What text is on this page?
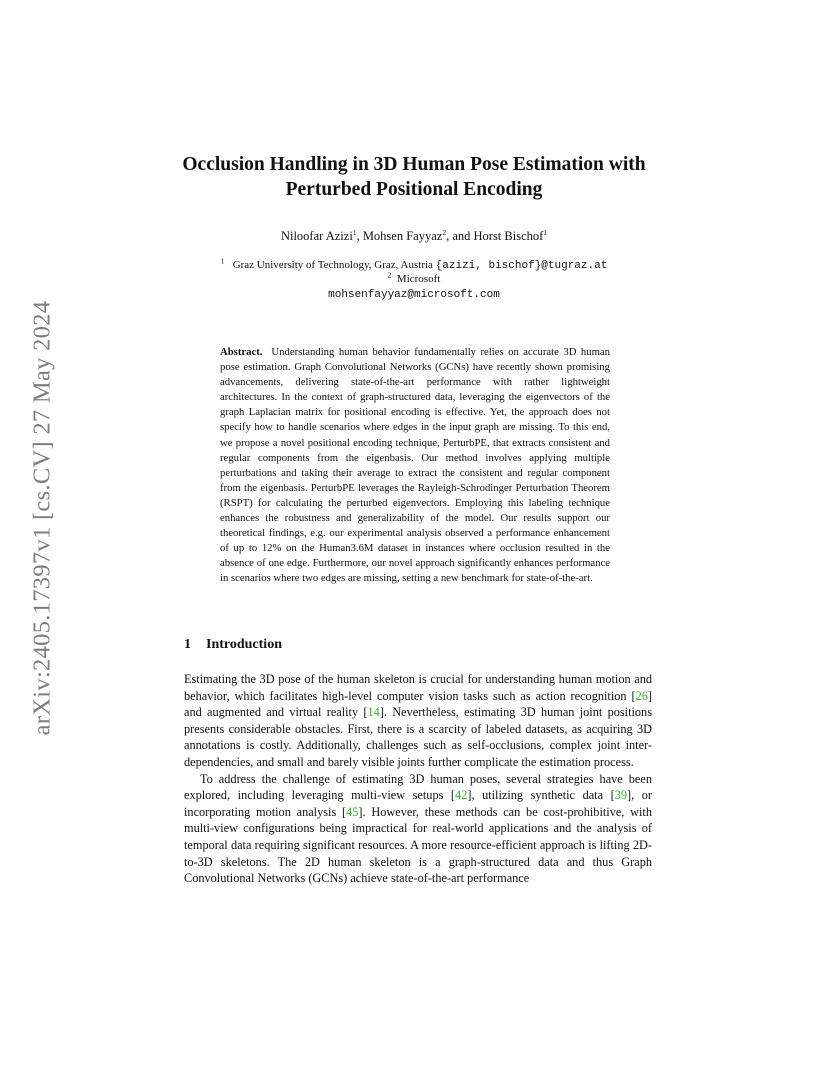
arXiv:2405.17397v1 [cs.CV] 27 May 2024
Occlusion Handling in 3D Human Pose Estimation with
Perturbed Positional Encoding
Niloofar Azizi$^1$, Mohsen Fayyaz$^2$, and Horst Bischof$^1$
$^1$ Graz University of Technology, Graz, Austria {azizi, bischof}@tugraz.at
$^2$ Microsoft
mohsenfayyaz@microsoft.com
Abstract. Understanding human behavior fundamentally relies on accurate 3D human pose estimation. Graph Convolutional Networks (GCNs) have recently shown promising advancements, delivering state-of-the-art performance with rather lightweight architectures. In the context of graph-structured data, leveraging the eigenvectors of the graph Laplacian matrix for positional encoding is effective. Yet, the approach does not specify how to handle scenarios where edges in the input graph are missing. To this end, we propose a novel positional encoding technique, PerturbPE, that extracts consistent and regular components from the eigenbasis. Our method involves applying multiple perturbations and taking their average to extract the consistent and regular component from the eigenbasis. PerturbPE leverages the Rayleigh-Schrodinger Perturbation Theorem (RSPT) for calculating the perturbed eigenvectors. Employing this labeling technique enhances the robustness and generalizability of the model. Our results support our theoretical findings, e.g. our experimental analysis observed a performance enhancement of up to 12% on the Human3.6M dataset in instances where occlusion resulted in the absence of one edge. Furthermore, our novel approach significantly enhances performance in scenarios where two edges are missing, setting a new benchmark for state-of-the-art.
1 Introduction

Estimating the 3D pose of the human skeleton is crucial for understanding human motion and behavior, which facilitates high-level computer vision tasks such as action recognition [26] and augmented and virtual reality [14]. Nevertheless, estimating 3D human joint positions presents considerable obstacles. First, there is a scarcity of labeled datasets, as acquiring 3D annotations is costly. Additionally, challenges such as self-occlusions, complex joint inter-dependencies, and small and barely visible joints further complicate the estimation process.

To address the challenge of estimating 3D human poses, several strategies have been explored, including leveraging multi-view setups [42], utilizing synthetic data [39], or incorporating motion analysis [45]. However, these methods can be cost-prohibitive, with multi-view configurations being impractical for real-world applications and the analysis of temporal data requiring significant resources. A more resource-efficient approach is lifting 2D-to-3D skeletons. The 2D human skeleton is a graph-structured data and thus Graph Convolutional Networks (GCNs) achieve state-of-the-art performance
